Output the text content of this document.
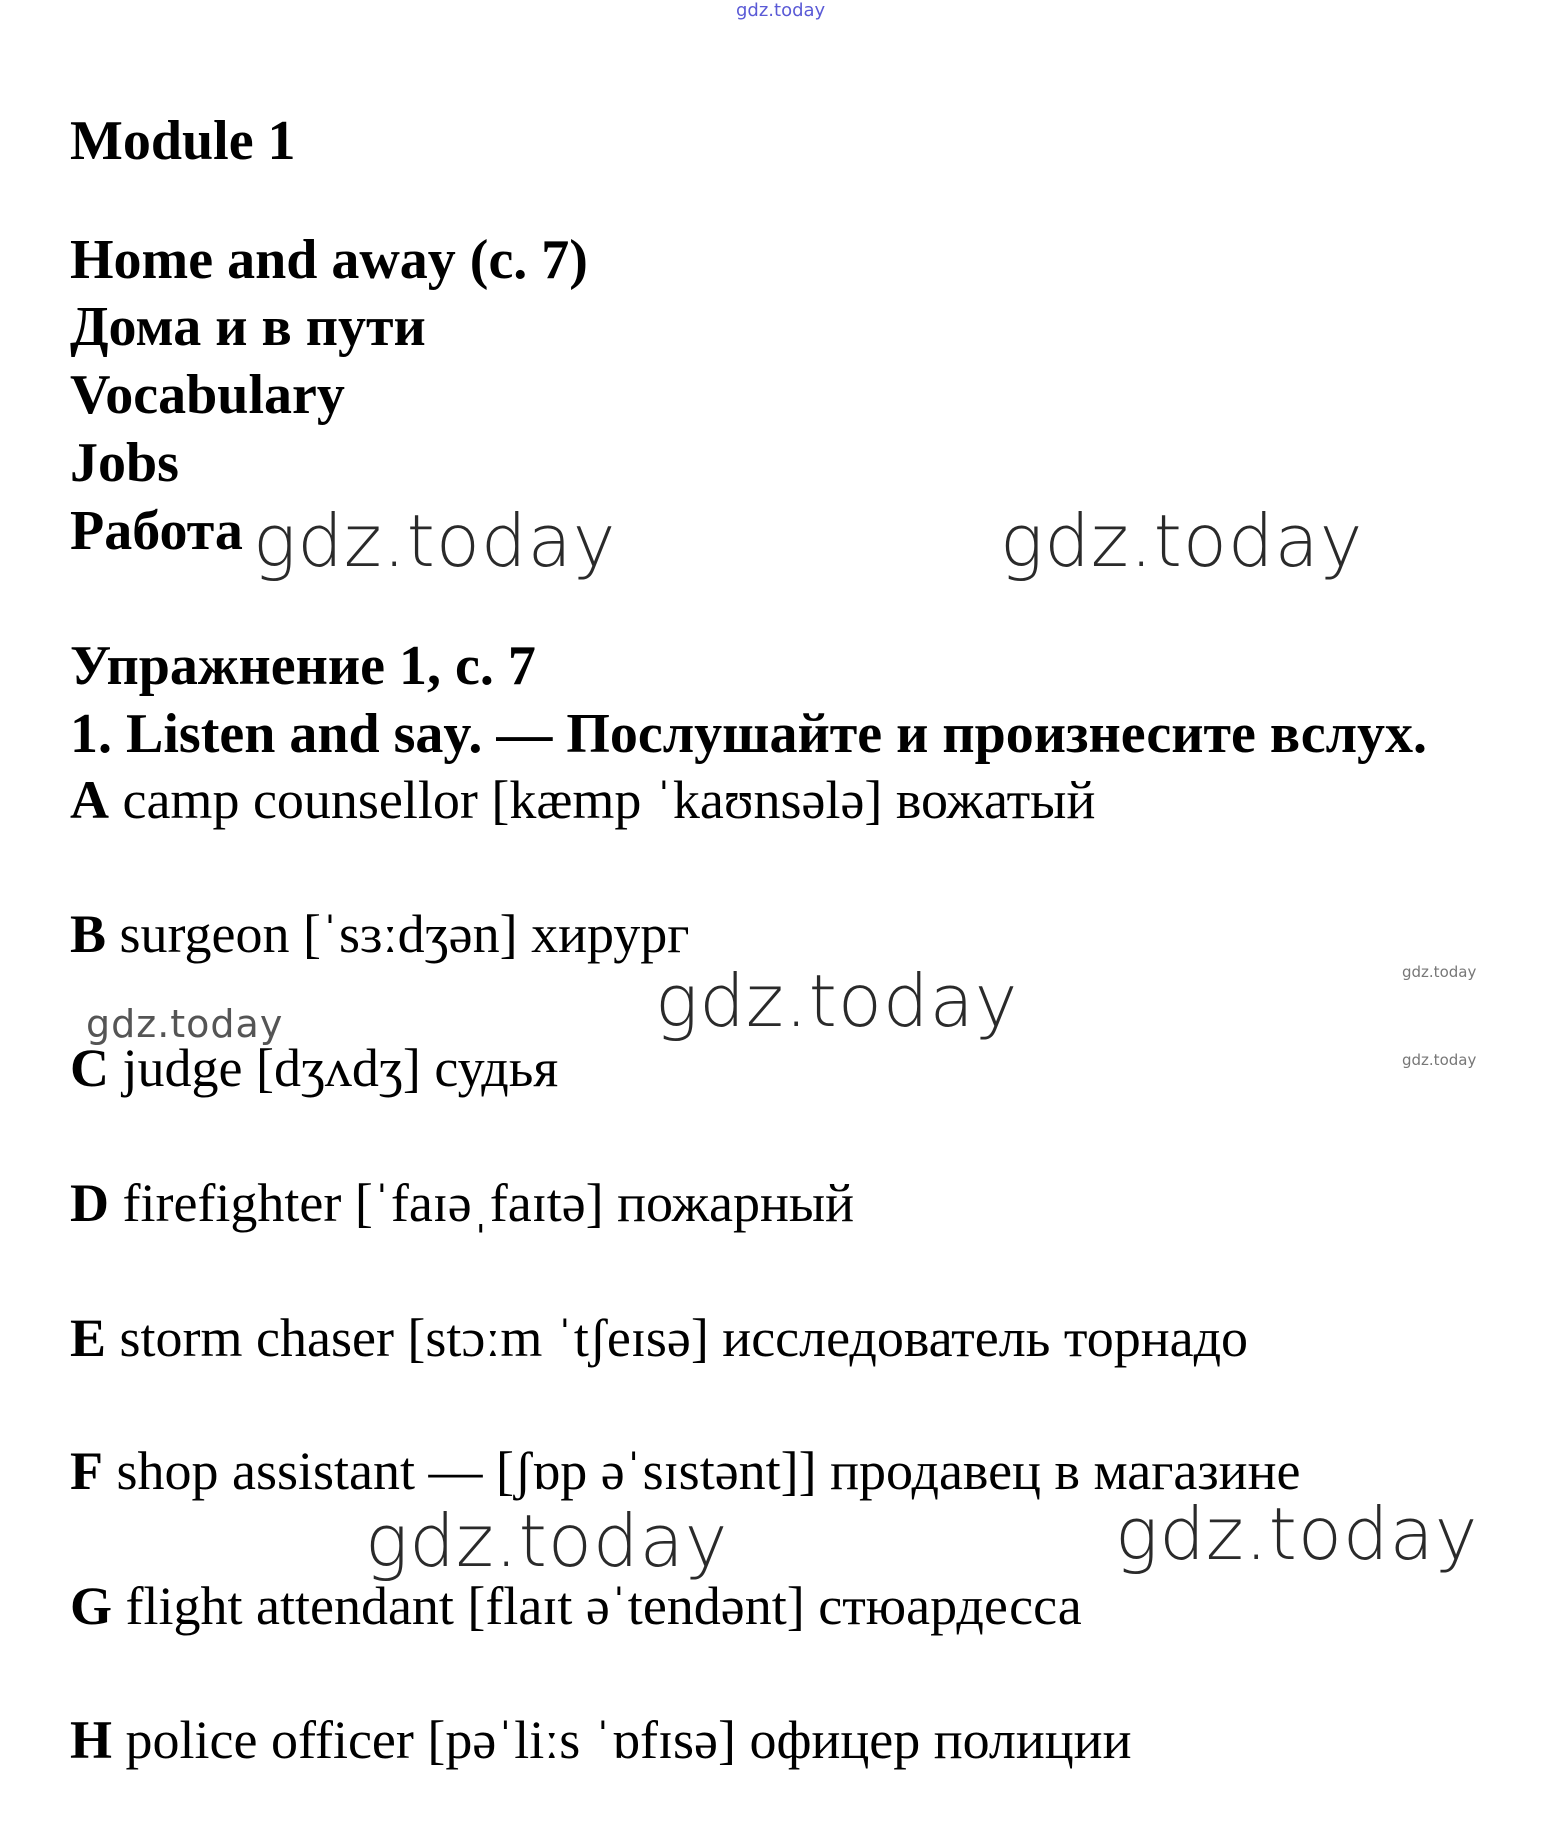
gdz.today
gdz.today	gdz.today
gdz.today
gdz.today
gdz.today
gdz.today
gdz.today	gdz.today
Module 1
Home and away (с. 7)
Дома и в пути
Vocabulary
Jobs
Работа
Упражнение 1, с. 7
1. Listen and say. — Послушайте и произнесите вслух.

A camp counsellor [kæmp ˈkaʊnsələ] вожатый

B surgeon [ˈsɜːdʒən] хирург

C judge [dʒʌdʒ] судья

D firefighter [ˈfaɪəˌfaɪtə] пожарный

E storm chaser [stɔːm ˈtʃeɪsə] исследователь торнадо

F shop assistant — [ʃɒp əˈsɪstənt]] продавец в магазине

G flight attendant [flaɪt əˈtendənt] стюардесса

H police officer [pəˈliːs ˈɒfɪsə] офицер полиции
